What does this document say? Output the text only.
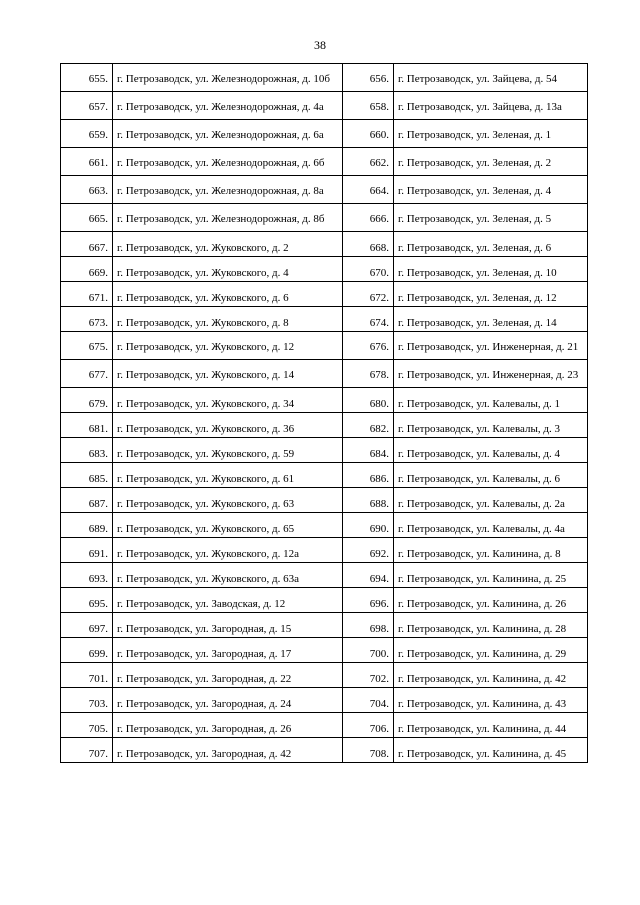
38
655.	г. Петрозаводск, ул. Железнодорожная, д. 10б	656.	г. Петрозаводск, ул. Зайцева, д. 54
657.	г. Петрозаводск, ул. Железнодорожная, д. 4а	658.	г. Петрозаводск, ул. Зайцева, д. 13а
659.	г. Петрозаводск, ул. Железнодорожная, д. 6а	660.	г. Петрозаводск, ул. Зеленая, д. 1
661.	г. Петрозаводск, ул. Железнодорожная, д. 6б	662.	г. Петрозаводск, ул. Зеленая, д. 2
663.	г. Петрозаводск, ул. Железнодорожная, д. 8а	664.	г. Петрозаводск, ул. Зеленая, д. 4
665.	г. Петрозаводск, ул. Железнодорожная, д. 8б	666.	г. Петрозаводск, ул. Зеленая, д. 5
667.	г. Петрозаводск, ул. Жуковского, д. 2	668.	г. Петрозаводск, ул. Зеленая, д. 6
669.	г. Петрозаводск, ул. Жуковского, д. 4	670.	г. Петрозаводск, ул. Зеленая, д. 10
671.	г. Петрозаводск, ул. Жуковского, д. 6	672.	г. Петрозаводск, ул. Зеленая, д. 12
673.	г. Петрозаводск, ул. Жуковского, д. 8	674.	г. Петрозаводск, ул. Зеленая, д. 14
675.	г. Петрозаводск, ул. Жуковского, д. 12	676.	г. Петрозаводск, ул. Инженерная, д. 21
677.	г. Петрозаводск, ул. Жуковского, д. 14	678.	г. Петрозаводск, ул. Инженерная, д. 23
679.	г. Петрозаводск, ул. Жуковского, д. 34	680.	г. Петрозаводск, ул. Калевалы, д. 1
681.	г. Петрозаводск, ул. Жуковского, д. 36	682.	г. Петрозаводск, ул. Калевалы, д. 3
683.	г. Петрозаводск, ул. Жуковского, д. 59	684.	г. Петрозаводск, ул. Калевалы, д. 4
685.	г. Петрозаводск, ул. Жуковского, д. 61	686.	г. Петрозаводск, ул. Калевалы, д. 6
687.	г. Петрозаводск, ул. Жуковского, д. 63	688.	г. Петрозаводск, ул. Калевалы, д. 2а
689.	г. Петрозаводск, ул. Жуковского, д. 65	690.	г. Петрозаводск, ул. Калевалы, д. 4а
691.	г. Петрозаводск, ул. Жуковского, д. 12а	692.	г. Петрозаводск, ул. Калинина, д. 8
693.	г. Петрозаводск, ул. Жуковского, д. 63а	694.	г. Петрозаводск, ул. Калинина, д. 25
695.	г. Петрозаводск, ул. Заводская, д. 12	696.	г. Петрозаводск, ул. Калинина, д. 26
697.	г. Петрозаводск, ул. Загородная, д. 15	698.	г. Петрозаводск, ул. Калинина, д. 28
699.	г. Петрозаводск, ул. Загородная, д. 17	700.	г. Петрозаводск, ул. Калинина, д. 29
701.	г. Петрозаводск, ул. Загородная, д. 22	702.	г. Петрозаводск, ул. Калинина, д. 42
703.	г. Петрозаводск, ул. Загородная, д. 24	704.	г. Петрозаводск, ул. Калинина, д. 43
705.	г. Петрозаводск, ул. Загородная, д. 26	706.	г. Петрозаводск, ул. Калинина, д. 44
707.	г. Петрозаводск, ул. Загородная, д. 42	708.	г. Петрозаводск, ул. Калинина, д. 45
